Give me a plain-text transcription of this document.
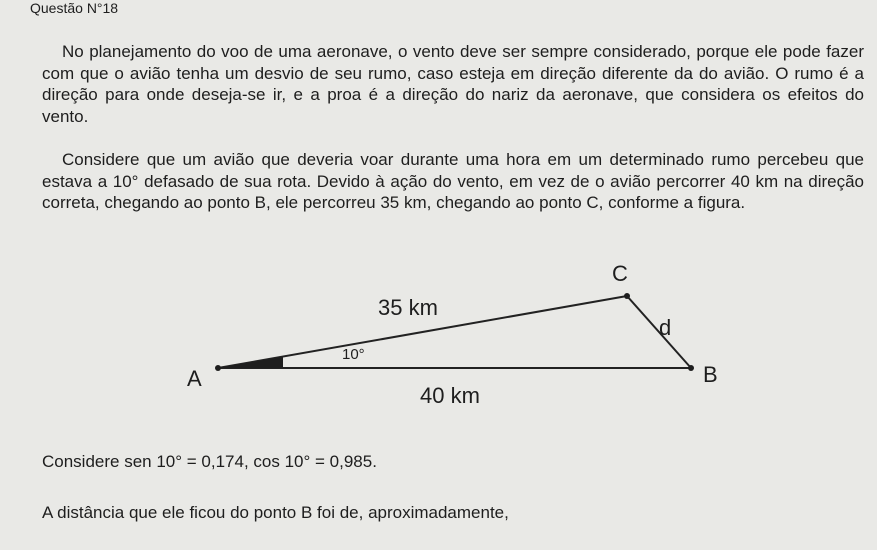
Questão N°18
No planejamento do voo de uma aeronave, o vento deve ser sempre considerado, porque ele pode fazer com que o avião tenha um desvio de seu rumo, caso esteja em direção diferente da do avião. O rumo é a direção para onde deseja-se ir, e a proa é a direção do nariz da aeronave, que considera os efeitos do vento.
Considere que um avião que deveria voar durante uma hora em um determinado rumo percebeu que estava a 10° defasado de sua rota. Devido à ação do vento, em vez de o avião percorrer 40 km na direção correta, chegando ao ponto B, ele percorreu 35 km, chegando ao ponto C, conforme a figura.
A	B
C
35 km
40 km
d
10°
Considere sen 10° = 0,174, cos 10° = 0,985.
A distância que ele ficou do ponto B foi de, aproximadamente,
